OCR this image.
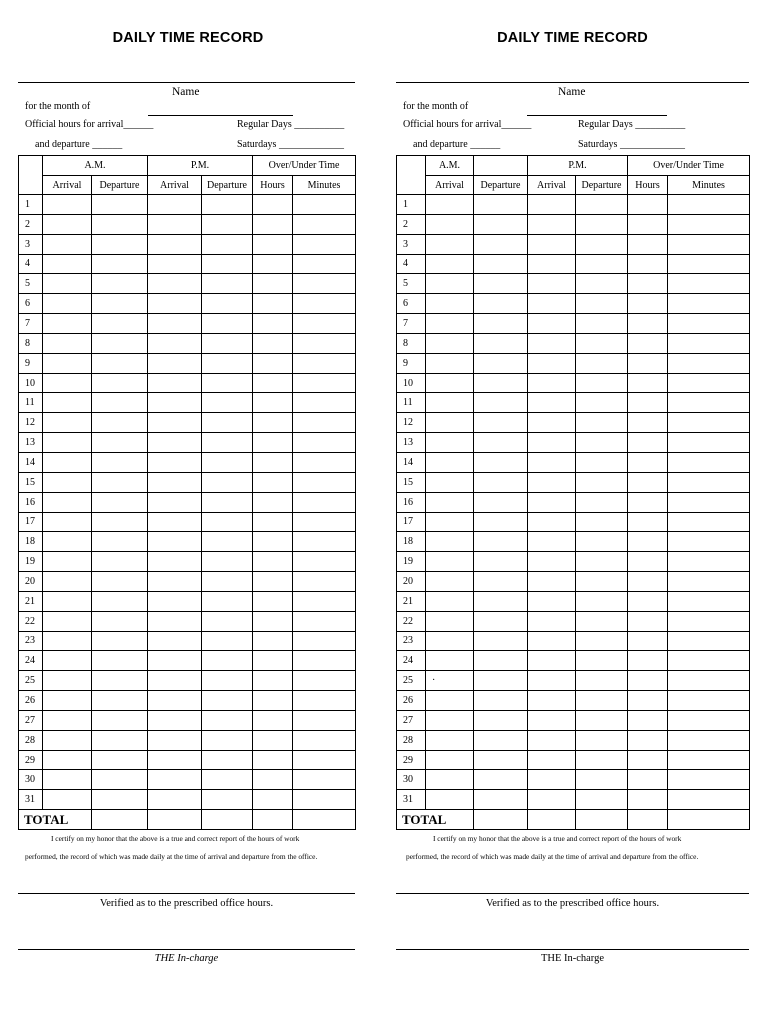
DAILY TIME RECORD
Name
for the month of
Official hours for arrival______	Regular Days __________
and departure ______	Saturdays _____________
	A.M.		P.M.		Over/Under Time	
	Arrival	Departure	Arrival	Departure	Hours	Minutes
1						
2						
3						
4						
5						
6						
7						
8						
9						
10						
11						
12						
13						
14						
15						
16						
17						
18						
19						
20						
21						
22						
23						
24						
25						
26						
27						
28						
29						
30						
31						
TOTAL						
I certify on my honor that the above is a true and correct report of the hours of work
performed, the record of which was made daily at the time of arrival and departure from the office.
Verified as to the prescribed office hours.
THE In-charge
DAILY TIME RECORD
Name
for the month of
Official hours for arrival______	Regular Days __________
and departure ______	Saturdays _____________
	A.M.		P.M.		Over/Under Time	
	Arrival	Departure	Arrival	Departure	Hours	Minutes
1						
2						
3						
4						
5						
6						
7						
8						
9						
10						
11						
12						
13						
14						
15						
16						
17						
18						
19						
20						
21						
22						
23						
24						
25	·					
26						
27						
28						
29						
30						
31						
TOTAL						
I certify on my honor that the above is a true and correct report of the hours of work
performed, the record of which was made daily at the time of arrival and departure from the office.
Verified as to the prescribed office hours.
THE In-charge
